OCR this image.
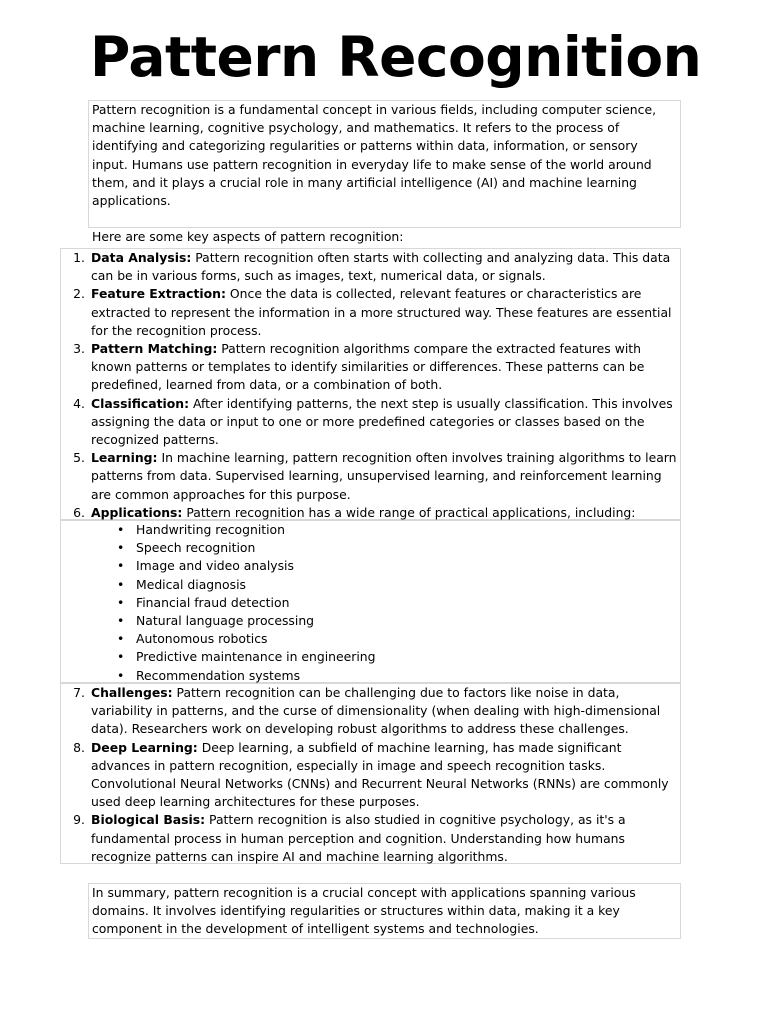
Pattern Recognition

Pattern recognition is a fundamental concept in various fields, including computer science, machine learning, cognitive psychology, and mathematics. It refers to the process of identifying and categorizing regularities or patterns within data, information, or sensory input. Humans use pattern recognition in everyday life to make sense of the world around them, and it plays a crucial role in many artificial intelligence (AI) and machine learning applications.

Here are some key aspects of pattern recognition:

1. Data Analysis: Pattern recognition often starts with collecting and analyzing data. This data can be in various forms, such as images, text, numerical data, or signals.
2. Feature Extraction: Once the data is collected, relevant features or characteristics are extracted to represent the information in a more structured way. These features are essential for the recognition process.
3. Pattern Matching: Pattern recognition algorithms compare the extracted features with known patterns or templates to identify similarities or differences. These patterns can be predefined, learned from data, or a combination of both.
4. Classification: After identifying patterns, the next step is usually classification. This involves assigning the data or input to one or more predefined categories or classes based on the recognized patterns.
5. Learning: In machine learning, pattern recognition often involves training algorithms to learn patterns from data. Supervised learning, unsupervised learning, and reinforcement learning are common approaches for this purpose.
6. Applications: Pattern recognition has a wide range of practical applications, including:
• Handwriting recognition
• Speech recognition
• Image and video analysis
• Medical diagnosis
• Financial fraud detection
• Natural language processing
• Autonomous robotics
• Predictive maintenance in engineering
• Recommendation systems
7. Challenges: Pattern recognition can be challenging due to factors like noise in data, variability in patterns, and the curse of dimensionality (when dealing with high-dimensional data). Researchers work on developing robust algorithms to address these challenges.
8. Deep Learning: Deep learning, a subfield of machine learning, has made significant advances in pattern recognition, especially in image and speech recognition tasks. Convolutional Neural Networks (CNNs) and Recurrent Neural Networks (RNNs) are commonly used deep learning architectures for these purposes.
9. Biological Basis: Pattern recognition is also studied in cognitive psychology, as it's a fundamental process in human perception and cognition. Understanding how humans recognize patterns can inspire AI and machine learning algorithms.

In summary, pattern recognition is a crucial concept with applications spanning various domains. It involves identifying regularities or structures within data, making it a key component in the development of intelligent systems and technologies.
